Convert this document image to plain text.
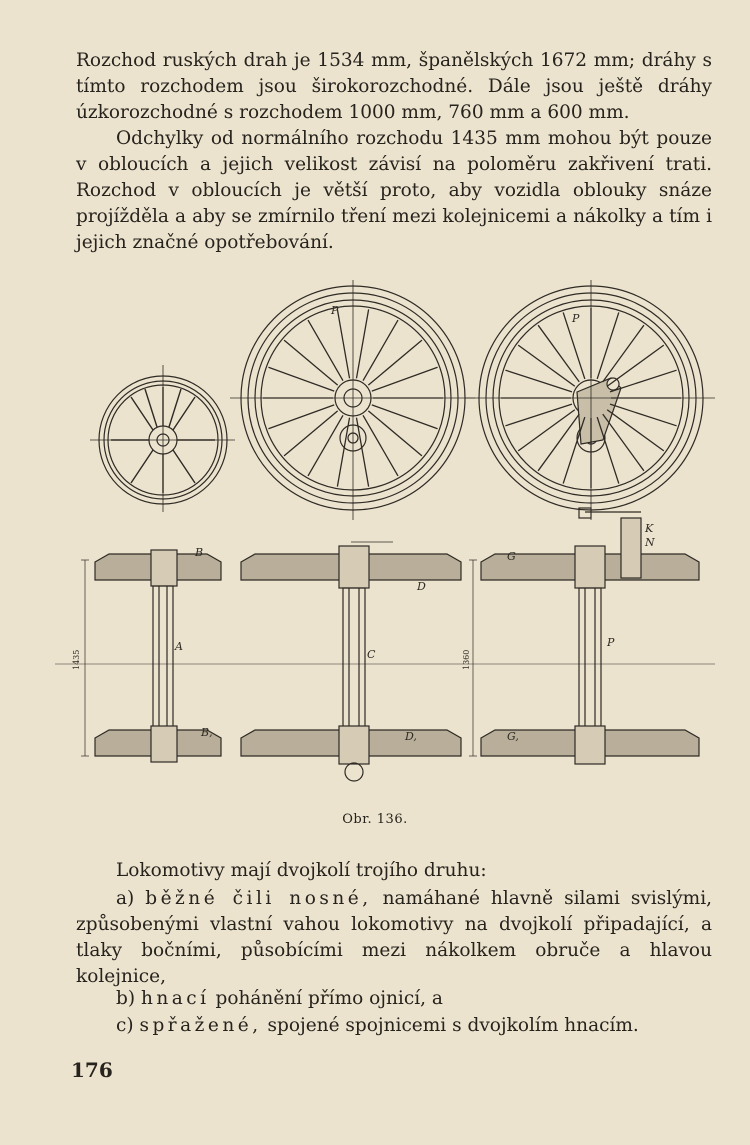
Rozchod ruských drah je 1534 mm, španělských 1672 mm; dráhy s tímto rozchodem jsou širokorozchodné. Dále jsou ještě dráhy úzkorozchodné s rozchodem 1000 mm, 760 mm a 600 mm.

Odchylky od normálního rozchodu 1435 mm mohou být pouze v obloucích a jejich velikost závisí na poloměru zakřivení trati. Rozchod v obloucích je větší proto, aby vozidla oblouky snáze projížděla a aby se zmírnilo tření mezi kolejnicemi a nákolky a tím i jejich značné opotřebování.

P
P
A
C
P
B
B,
D
D,
G
G,
K
N
1435	1360
Obr. 136.

Lokomotivy mají dvojkolí trojího druhu:

a) běžné čili nosné, namáhané hlavně silami svislými, způsobenými vlastní vahou lokomotivy na dvojkolí připadající, a tlaky bočními, působícími mezi nákolkem obruče a hlavou kolejnice,

b) hnací pohánění přímo ojnicí, a

c) spřažené, spojené spojnicemi s dvojkolím hnacím.

176
